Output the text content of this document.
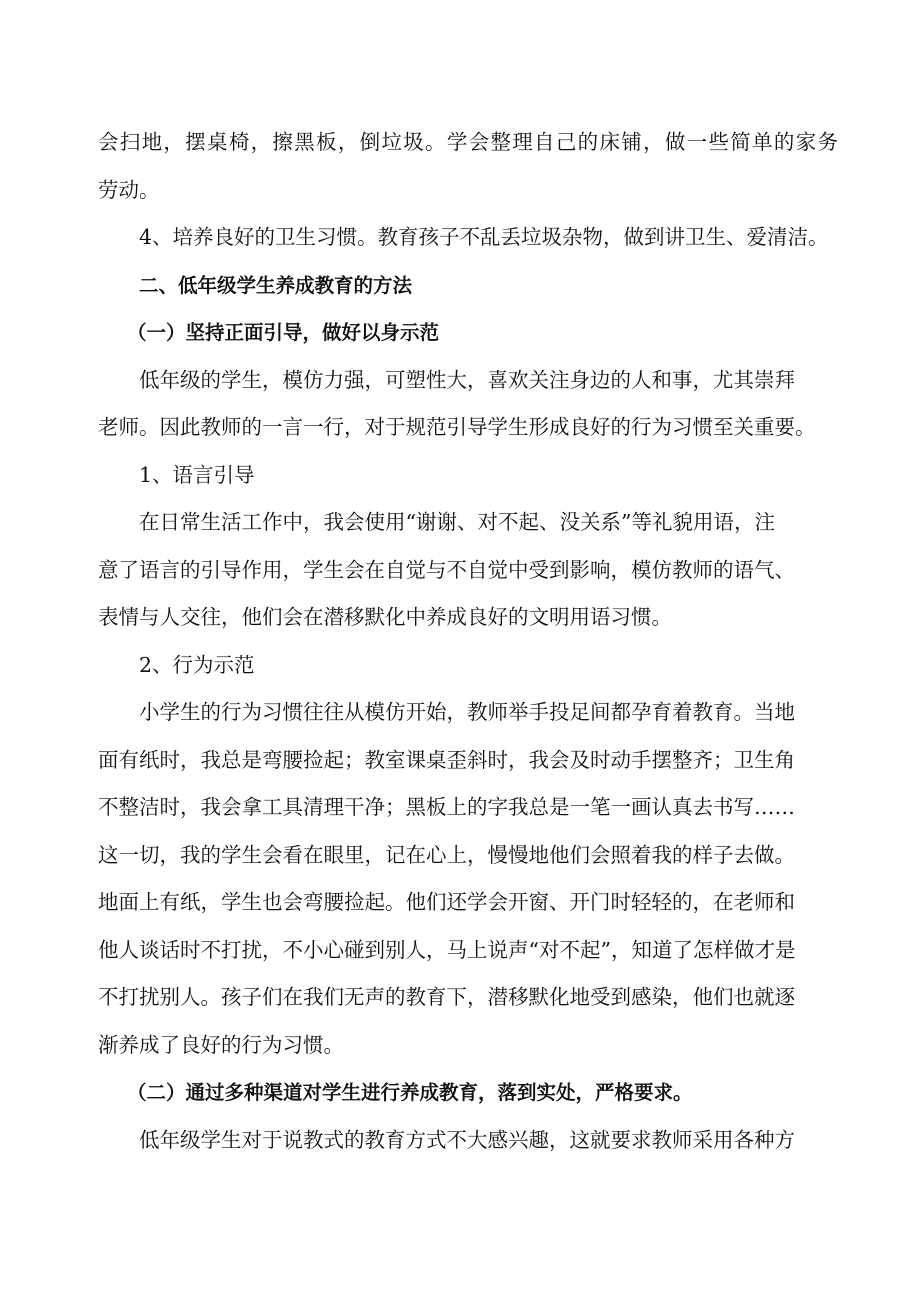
会扫地，摆桌椅，擦黑板，倒垃圾。学会整理自己的床铺，做一些简单的家务
劳动。
4、培养良好的卫生习惯。教育孩子不乱丢垃圾杂物，做到讲卫生、爱清洁。
二、低年级学生养成教育的方法
（一）坚持正面引导，做好以身示范
低年级的学生，模仿力强，可塑性大，喜欢关注身边的人和事，尤其崇拜
老师。因此教师的一言一行，对于规范引导学生形成良好的行为习惯至关重要。
1、语言引导
在日常生活工作中，我会使用“谢谢、对不起、没关系”等礼貌用语，注
意了语言的引导作用，学生会在自觉与不自觉中受到影响，模仿教师的语气、
表情与人交往，他们会在潜移默化中养成良好的文明用语习惯。
2、行为示范
小学生的行为习惯往往从模仿开始，教师举手投足间都孕育着教育。当地
面有纸时，我总是弯腰捡起；教室课桌歪斜时，我会及时动手摆整齐；卫生角
不整洁时，我会拿工具清理干净；黑板上的字我总是一笔一画认真去书写……
这一切，我的学生会看在眼里，记在心上，慢慢地他们会照着我的样子去做。
地面上有纸，学生也会弯腰捡起。他们还学会开窗、开门时轻轻的，在老师和
他人谈话时不打扰，不小心碰到别人，马上说声“对不起”，知道了怎样做才是
不打扰别人。孩子们在我们无声的教育下，潜移默化地受到感染，他们也就逐
渐养成了良好的行为习惯。
（二）通过多种渠道对学生进行养成教育，落到实处，严格要求。
低年级学生对于说教式的教育方式不大感兴趣，这就要求教师采用各种方
